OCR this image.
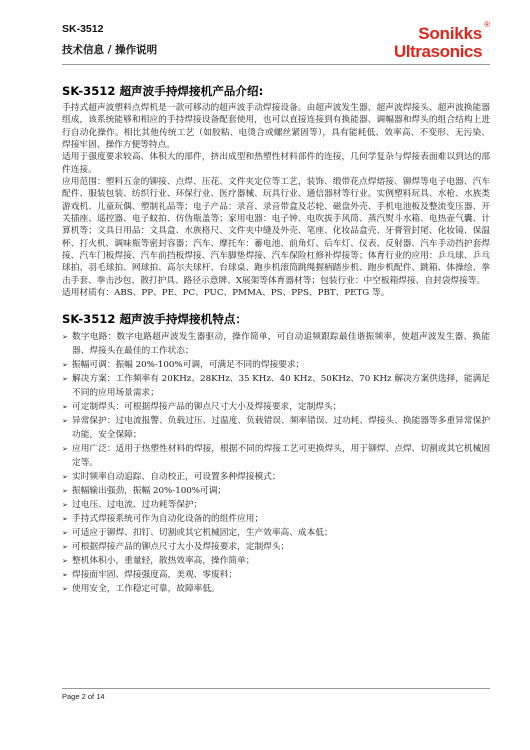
SK-3512
技术信息 / 操作说明
Sonikks ®
Ultrasonics
SK-3512 超声波手持焊接机产品介绍:

手持式超声波塑料点焊机是一款可移动的超声波手动焊接设备。由超声波发生器、超声波焊接头、超声波换能器组成，该系统能够和相应的手持焊接设备配套使用，也可以直接连接到有换能器、调幅器和焊头的组合结构上进行自动化操作。相比其他传统工艺（如胶粘、电烫合或螺丝紧固等），具有能耗低、效率高、不变形、无污染、焊接牢固、操作方便等特点。

适用于强度要求较高、体积大的部件，挤出成型和热塑性材料部件的连接，几何学复杂与焊接表面难以到达的部件连接。

应用范围：塑料五金的铆接、点焊、压花、文件夹定位等工艺，装饰、缎带花点焊熔接、铆焊等电子电器、汽车配件、服装包装、纺织行业、环保行业、医疗器械、玩具行业、通信器材等行业。实例塑料玩具、水枪、水族类游戏机、儿童玩偶、塑制礼品等；电子产品：录音、录音带盒及芯轮、磁盘外壳、手机电池板及整流变压器、开关插座、遥控器、电子蚊拍、仿伪瓶盖等；家用电器：电子钟、电吹拔手风筒、蒸汽熨斗水箱、电热壶气囊、计算机等；文具日用品：文具盒、水族格尺、文件夹中缝及外壳、笔座、化妆品盒壳、牙膏管封尾、化妆镜、保温杯、打火机、调味瓶等密封容器；汽车、摩托车：蓄电池、前角灯、后车灯、仪表、反射器、汽车手动挡护套焊接、汽车门板焊接、汽车前挡板焊接、汽车脚垫焊接、汽车保险杠修补焊接等；体育行业的应用：乒乓球、乒乓球拍、羽毛球拍、网球拍、高尔夫球杆、台球桌、跑步机滚筒跳绳握柄踏步机、跑步机配件、跳箱、体操绘、拳击手套、拳击沙包、散打护具、路径示意牌、X展架等体育器材等；包装行业：中空板箱焊接、自封袋焊接等。

适用材质有：ABS、PP、PE、PC、PUC、PMMA、PS、PPS、PBT、PETG 等。

SK-3512 超声波手持焊接机特点：
➢ 数字电路：数字电路超声波发生器驱动，操作简单，可自动追频跟踪最佳谐振频率，使超声波发生器、换能器、焊接头在最佳的工作状态；
➢ 振幅可调：振幅 20%-100%可调，可满足不同的焊接要求；
➢ 解决方案：工作频率有 20KHz、28KHz、35 KHz、40 KHz、50KHz、70 KHz 解决方案供选择，能满足不同的应用场景需求；
➢ 可定制焊头：可根据焊接产品的铆点尺寸大小及焊接要求，定制焊头；
➢ 异常保护：过电流报警、负载过压、过温度、负载错误、频率错误、过功耗、焊接头、换能器等多重异常保护功能，安全保障；
➢ 应用广泛：适用于热塑性材料的焊接，根据不同的焊接工艺可更换焊头，用于铆焊、点焊、切割或其它机械固定等。
➢ 实时频率自动追踪、自动校正，可设置多种焊接模式；
➢ 振幅输出强劲，振幅 20%-100%可调；
➢ 过电压、过电流、过功耗等保护；
➢ 手持式焊接系统可作为自动化设备的的组件应用；
➢ 可适应于铆焊、扣钉、切割或其它机械固定，生产效率高、成本低；
➢ 可根据焊接产品的铆点尺寸大小及焊接要求，定制焊头；
➢ 整机体积小，重量轻，散热效率高，操作简单；
➢ 焊接面牢固、焊接强度高，美观、零废料；
➢ 使用安全，工作稳定可靠，故障率低。
Page 2 of 14
